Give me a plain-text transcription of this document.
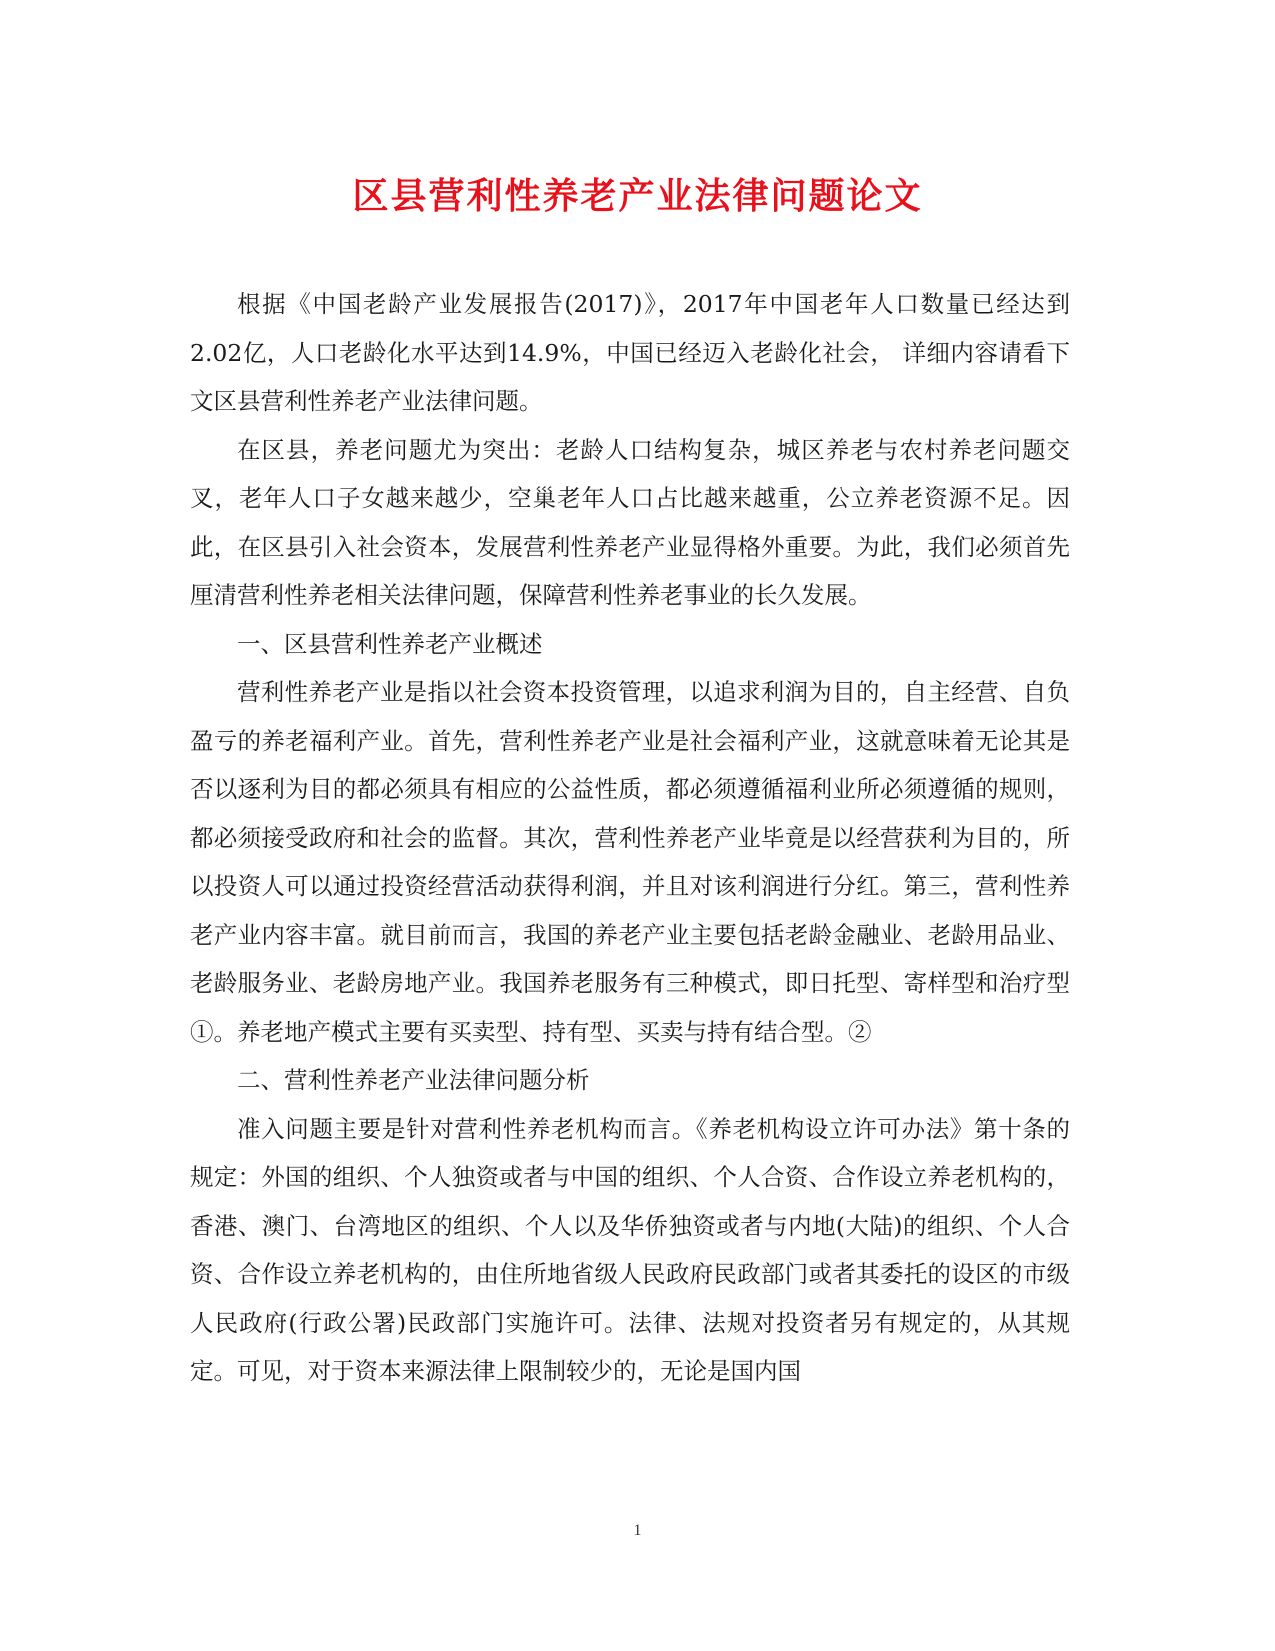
区县营利性养老产业法律问题论文

根据《中国老龄产业发展报告(2017)》，2017年中国老年人口数量已经达到2.02亿，人口老龄化水平达到14.9%，中国已经迈入老龄化社会， 详细内容请看下文区县营利性养老产业法律问题。

在区县，养老问题尤为突出：老龄人口结构复杂，城区养老与农村养老问题交叉，老年人口子女越来越少，空巢老年人口占比越来越重，公立养老资源不足。因此，在区县引入社会资本，发展营利性养老产业显得格外重要。为此，我们必须首先厘清营利性养老相关法律问题，保障营利性养老事业的长久发展。

一、区县营利性养老产业概述

营利性养老产业是指以社会资本投资管理，以追求利润为目的，自主经营、自负盈亏的养老福利产业。首先，营利性养老产业是社会福利产业，这就意味着无论其是否以逐利为目的都必须具有相应的公益性质，都必须遵循福利业所必须遵循的规则，都必须接受政府和社会的监督。其次，营利性养老产业毕竟是以经营获利为目的，所以投资人可以通过投资经营活动获得利润，并且对该利润进行分红。第三，营利性养老产业内容丰富。就目前而言，我国的养老产业主要包括老龄金融业、老龄用品业、老龄服务业、老龄房地产业。我国养老服务有三种模式，即日托型、寄样型和治疗型①。养老地产模式主要有买卖型、持有型、买卖与持有结合型。②

二、营利性养老产业法律问题分析

准入问题主要是针对营利性养老机构而言。《养老机构设立许可办法》第十条的规定：外国的组织、个人独资或者与中国的组织、个人合资、合作设立养老机构的，香港、澳门、台湾地区的组织、个人以及华侨独资或者与内地(大陆)的组织、个人合资、合作设立养老机构的，由住所地省级人民政府民政部门或者其委托的设区的市级人民政府(行政公署)民政部门实施许可。法律、法规对投资者另有规定的，从其规定。可见，对于资本来源法律上限制较少的，无论是国内国

1
